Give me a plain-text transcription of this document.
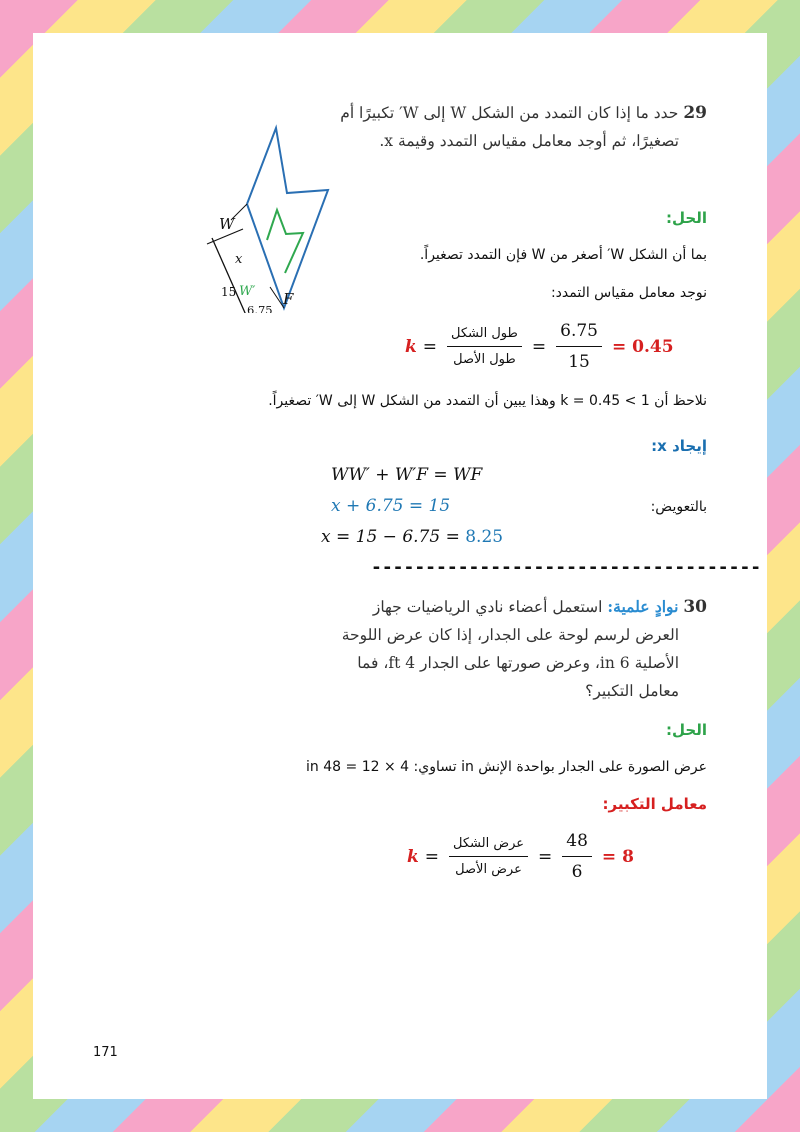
29 حدد ما إذا كان التمدد من الشكل W إلى W′ تكبيرًا أم
تصغيرًا، ثم أوجد معامل مقياس التمدد وقيمة x.
W
x
15 W′
6.75
F
الحل:
بما أن الشكل W′ أصغر من W فإن التمدد تصغيراً.
نوجد معامل مقياس التمدد:
$k = \frac{\text{طول الشكل}}{\text{طول الأصل}} = \frac{6.75}{15} = 0.45$
نلاحظ أن 1 > k = 0.45 وهذا يبين أن التمدد من الشكل W إلى W′ تصغيراً.
إيجاد x:
WW′ + W′F = WF
بالتعويض:
x + 6.75 = 15
x = 15 − 6.75 = 8.25
------------------------------------
30 نوادٍ علمية: استعمل أعضاء نادي الرياضيات جهاز
العرض لرسم لوحة على الجدار، إذا كان عرض اللوحة
الأصلية 6 in، وعرض صورتها على الجدار 4 ft، فما
معامل التكبير؟
الحل:
عرض الصورة على الجدار بواحدة الإنش in تساوي: 4 × 12 = 48 in
معامل التكبير:
$k = \frac{\text{عرض الشكل}}{\text{عرض الأصل}} = \frac{48}{6} = 8$
171
